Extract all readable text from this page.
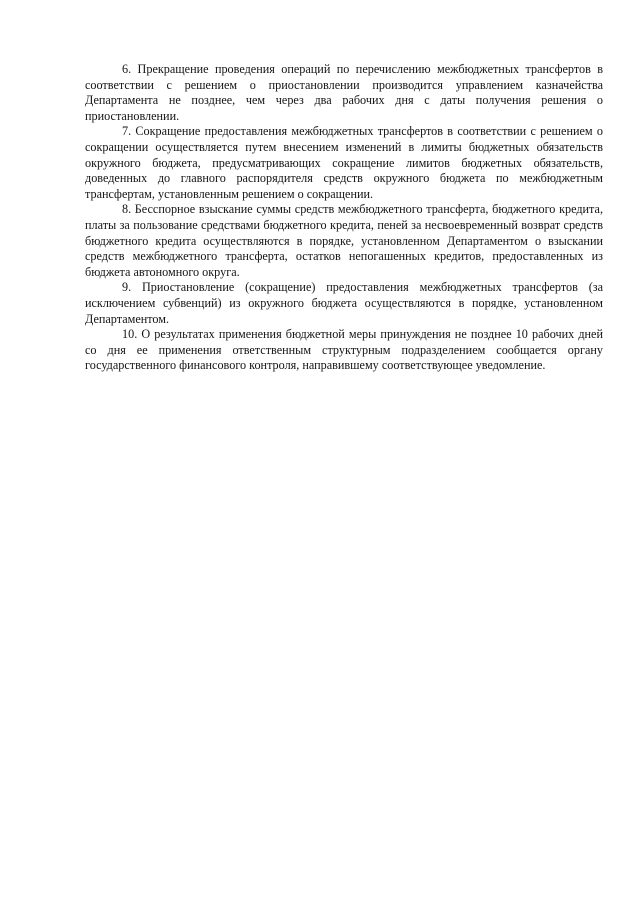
6. Прекращение проведения операций по перечислению межбюджетных трансфертов в соответствии с решением о приостановлении производится управлением казначейства Департамента не позднее, чем через два рабочих дня с даты получения решения о приостановлении.

7. Сокращение предоставления межбюджетных трансфертов в соответствии с решением о сокращении осуществляется путем внесением изменений в лимиты бюджетных обязательств окружного бюджета, предусматривающих сокращение лимитов бюджетных обязательств, доведенных до главного распорядителя средств окружного бюджета по межбюджетным трансфертам, установленным решением о сокращении.

8. Бесспорное взыскание суммы средств межбюджетного трансферта, бюджетного кредита, платы за пользование средствами бюджетного кредита, пеней за несвоевременный возврат средств бюджетного кредита осуществляются в порядке, установленном Департаментом о взыскании средств межбюджетного трансферта, остатков непогашенных кредитов, предоставленных из бюджета автономного округа.

9. Приостановление (сокращение) предоставления межбюджетных трансфертов (за исключением субвенций) из окружного бюджета осуществляются в порядке, установленном Департаментом.

10. О результатах применения бюджетной меры принуждения не позднее 10 рабочих дней со дня ее применения ответственным структурным подразделением сообщается органу государственного финансового контроля, направившему соответствующее уведомление.
